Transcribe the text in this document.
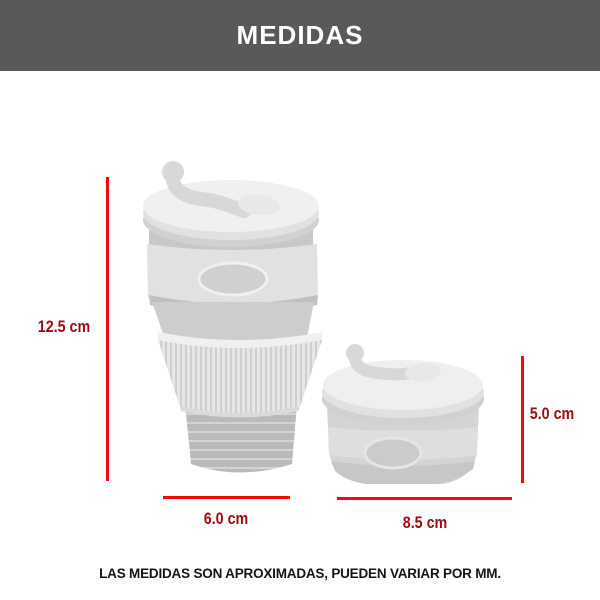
MEDIDAS
12.5 cm
6.0 cm	8.5 cm
5.0 cm
LAS MEDIDAS SON APROXIMADAS, PUEDEN VARIAR POR MM.
